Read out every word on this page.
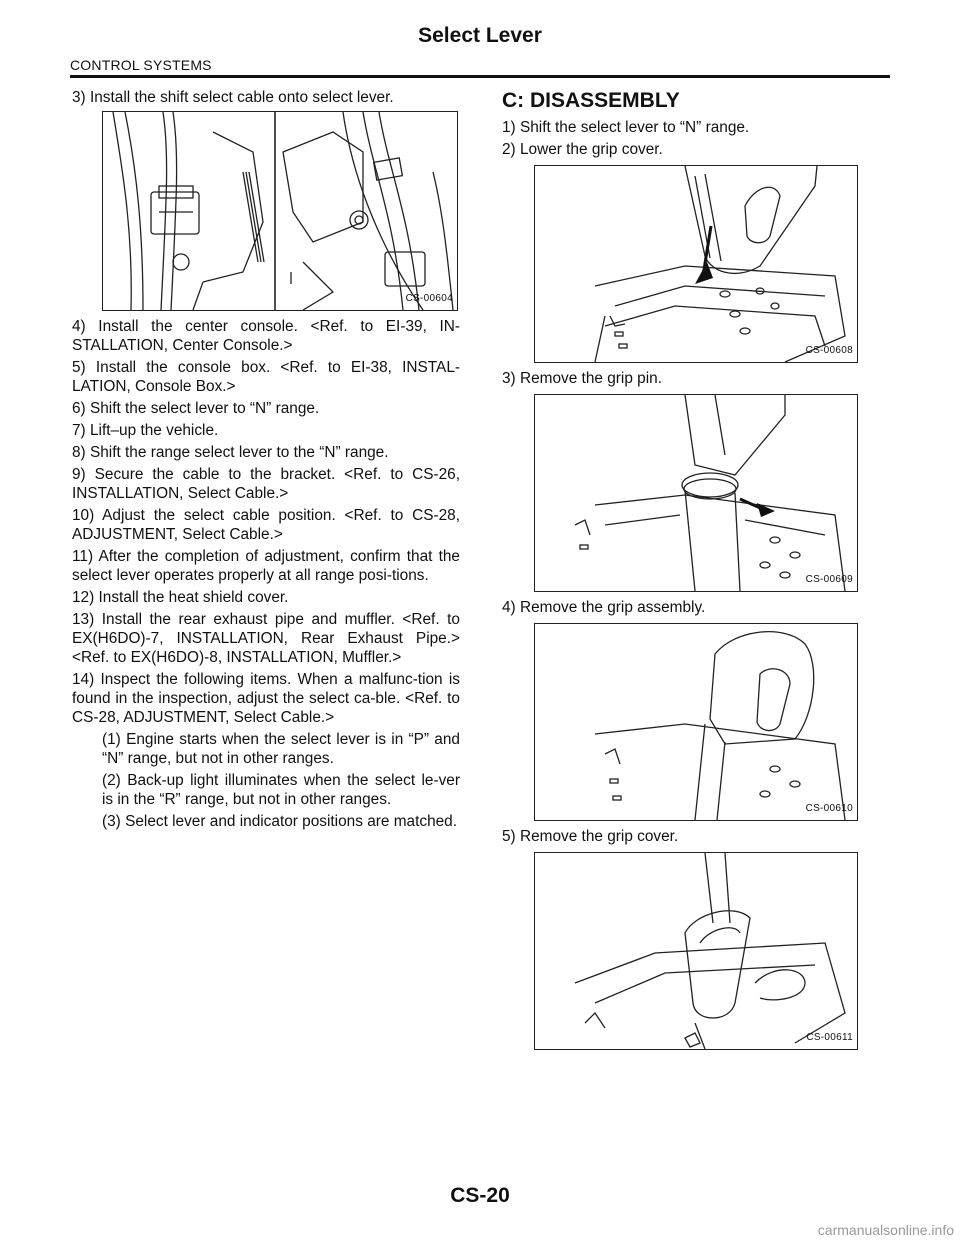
Select Lever
CONTROL SYSTEMS

3) Install the shift select cable onto select lever.

CS-00604

4) Install the center console. <Ref. to EI-39, IN-STALLATION, Center Console.>

5) Install the console box. <Ref. to EI-38, INSTAL-LATION, Console Box.>

6) Shift the select lever to “N” range.

7) Lift–up the vehicle.

8) Shift the range select lever to the “N” range.

9) Secure the cable to the bracket. <Ref. to CS-26, INSTALLATION, Select Cable.>

10) Adjust the select cable position. <Ref. to CS-28, ADJUSTMENT, Select Cable.>

11) After the completion of adjustment, confirm that the select lever operates properly at all range posi-tions.

12) Install the heat shield cover.

13) Install the rear exhaust pipe and muffler. <Ref. to EX(H6DO)-7, INSTALLATION, Rear Exhaust Pipe.> <Ref. to EX(H6DO)-8, INSTALLATION, Muffler.>

14) Inspect the following items. When a malfunc-tion is found in the inspection, adjust the select ca-ble. <Ref. to CS-28, ADJUSTMENT, Select Cable.>

(1) Engine starts when the select lever is in “P” and “N” range, but not in other ranges.

(2) Back-up light illuminates when the select le-ver is in the “R” range, but not in other ranges.

(3) Select lever and indicator positions are matched.

C: DISASSEMBLY

1) Shift the select lever to “N” range.

2) Lower the grip cover.

CS-00608

3) Remove the grip pin.

CS-00609

4) Remove the grip assembly.

CS-00610

5) Remove the grip cover.

CS-00611
CS-20
carmanualsonline.info
